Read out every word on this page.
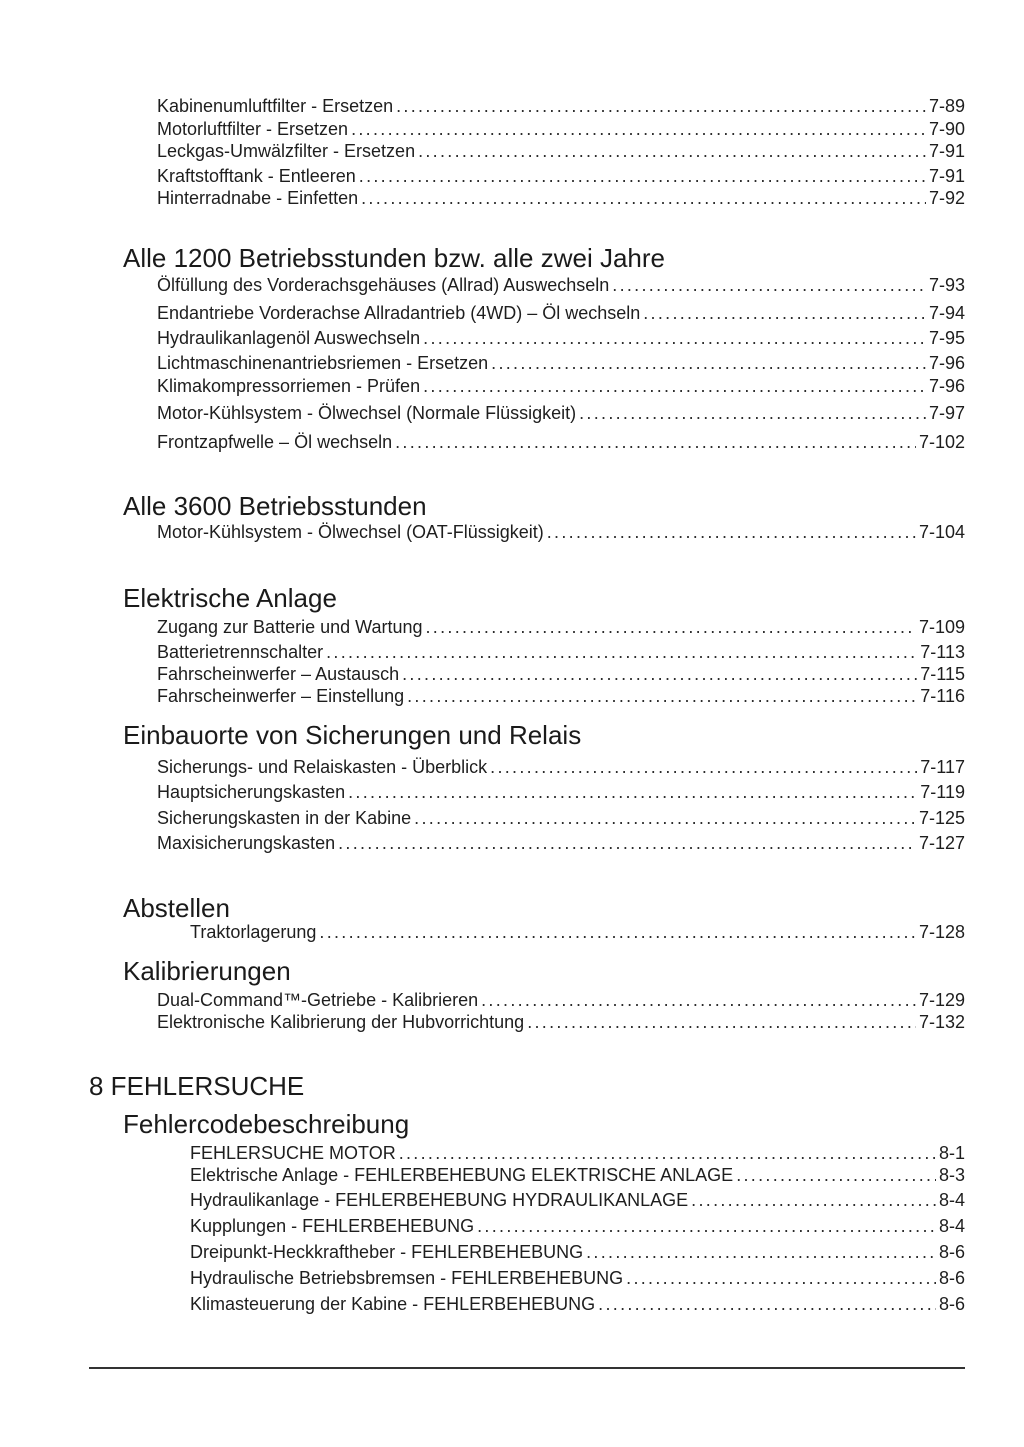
Kabinenumluftfilter - Ersetzen .....	7-89
Motorluftfilter - Ersetzen .....	7-90
Leckgas-Umwälzfilter - Ersetzen .....	7-91
Kraftstofftank - Entleeren .....	7-91
Hinterradnabe - Einfetten .....	7-92
Alle 1200 Betriebsstunden bzw. alle zwei Jahre
Ölfüllung des Vorderachsgehäuses (Allrad) Auswechseln .....	7-93
Endantriebe Vorderachse Allradantrieb (4WD) – Öl wechseln .....	7-94
Hydraulikanlagenöl Auswechseln .....	7-95
Lichtmaschinenantriebsriemen - Ersetzen .....	7-96
Klimakompressorriemen - Prüfen .....	7-96
Motor-Kühlsystem - Ölwechsel (Normale Flüssigkeit) .....	7-97
Frontzapfwelle – Öl wechseln .....	7-102
Alle 3600 Betriebsstunden
Motor-Kühlsystem - Ölwechsel (OAT-Flüssigkeit) .....	7-104
Elektrische Anlage
Zugang zur Batterie und Wartung .....	7-109
Batterietrennschalter .....	7-113
Fahrscheinwerfer – Austausch .....	7-115
Fahrscheinwerfer – Einstellung .....	7-116
Einbauorte von Sicherungen und Relais
Sicherungs- und Relaiskasten - Überblick .....	7-117
Hauptsicherungskasten .....	7-119
Sicherungskasten in der Kabine .....	7-125
Maxisicherungskasten .....	7-127
Abstellen
Traktorlagerung .....	7-128
Kalibrierungen
Dual-Command™-Getriebe - Kalibrieren .....	7-129
Elektronische Kalibrierung der Hubvorrichtung .....	7-132
8 FEHLERSUCHE
Fehlercodebeschreibung
FEHLERSUCHE MOTOR .....	8-1
Elektrische Anlage - FEHLERBEHEBUNG ELEKTRISCHE ANLAGE .....	8-3
Hydraulikanlage - FEHLERBEHEBUNG HYDRAULIKANLAGE .....	8-4
Kupplungen - FEHLERBEHEBUNG .....	8-4
Dreipunkt-Heckkraftheber - FEHLERBEHEBUNG .....	8-6
Hydraulische Betriebsbremsen - FEHLERBEHEBUNG .....	8-6
Klimasteuerung der Kabine - FEHLERBEHEBUNG .....	8-6
